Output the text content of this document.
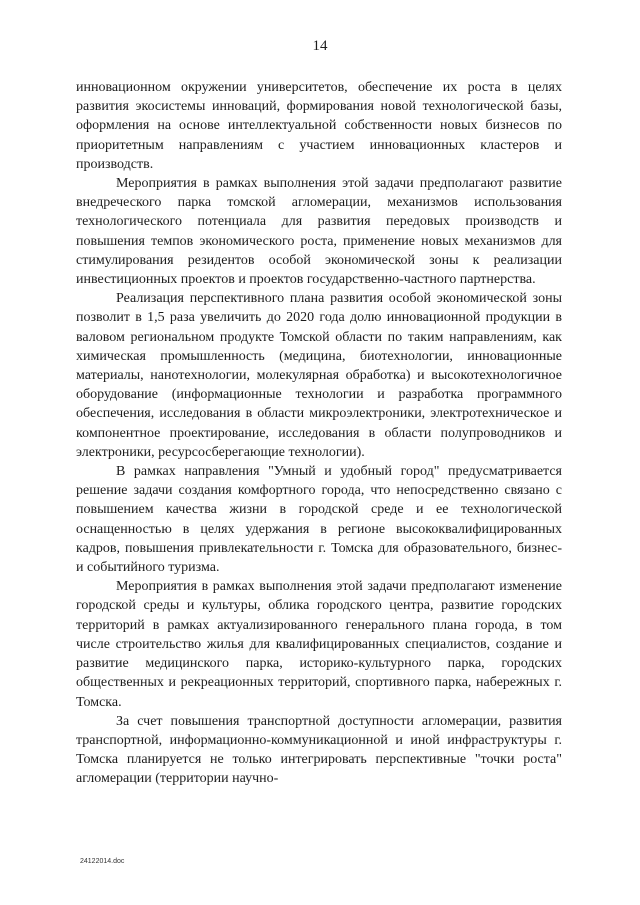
14

инновационном окружении университетов, обеспечение их роста в целях развития экосистемы инноваций, формирования новой технологической базы, оформления на основе интеллектуальной собственности новых бизнесов по приоритетным направлениям с участием инновационных кластеров и производств.

Мероприятия в рамках выполнения этой задачи предполагают развитие внедреческого парка томской агломерации, механизмов использования технологического потенциала для развития передовых производств и повышения темпов экономического роста, применение новых механизмов для стимулирования резидентов особой экономической зоны к реализации инвестиционных проектов и проектов государственно-частного партнерства.

Реализация перспективного плана развития особой экономической зоны позволит в 1,5 раза увеличить до 2020 года долю инновационной продукции в валовом региональном продукте Томской области по таким направлениям, как химическая промышленность (медицина, биотехнологии, инновационные материалы, нанотехнологии, молекулярная обработка) и высокотехнологичное оборудование (информационные технологии и разработка программного обеспечения, исследования в области микроэлектроники, электротехническое и компонентное проектирование, исследования в области полупроводников и электроники, ресурсосберегающие технологии).

В рамках направления "Умный и удобный город" предусматривается решение задачи создания комфортного города, что непосредственно связано с повышением качества жизни в городской среде и ее технологической оснащенностью в целях удержания в регионе высококвалифицированных кадров, повышения привлекательности г. Томска для образовательного, бизнес- и событийного туризма.

Мероприятия в рамках выполнения этой задачи предполагают изменение городской среды и культуры, облика городского центра, развитие городских территорий в рамках актуализированного генерального плана города, в том числе строительство жилья для квалифицированных специалистов, создание и развитие медицинского парка, историко-культурного парка, городских общественных и рекреационных территорий, спортивного парка, набережных г. Томска.

За счет повышения транспортной доступности агломерации, развития транспортной, информационно-коммуникационной и иной инфраструктуры г. Томска планируется не только интегрировать перспективные "точки роста" агломерации (территории научно-

24122014.doc
